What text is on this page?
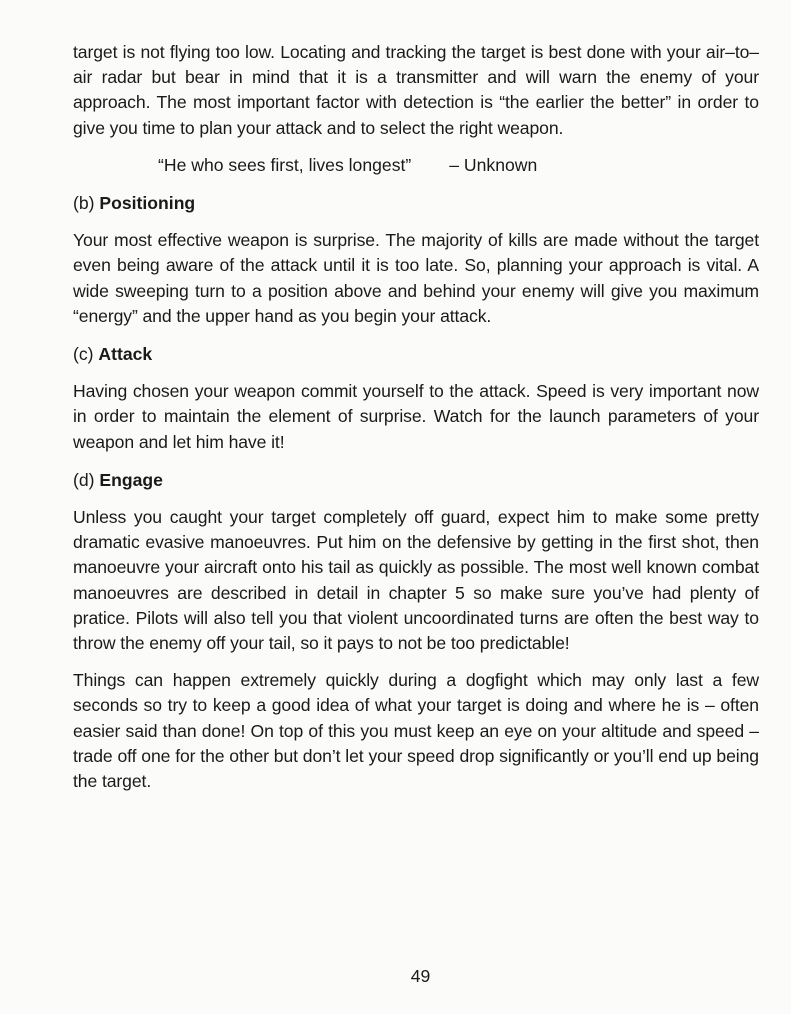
target is not flying too low. Locating and tracking the target is best done with your air–to–air radar but bear in mind that it is a transmitter and will warn the enemy of your approach. The most important factor with detection is “the earlier the better” in order to give you time to plan your attack and to select the right weapon.

“He who sees first, lives longest” – Unknown
(b) Positioning

Your most effective weapon is surprise. The majority of kills are made without the target even being aware of the attack until it is too late. So, planning your approach is vital. A wide sweeping turn to a position above and behind your enemy will give you maximum “energy” and the upper hand as you begin your attack.

(c) Attack

Having chosen your weapon commit yourself to the attack. Speed is very important now in order to maintain the element of surprise. Watch for the launch parameters of your weapon and let him have it!

(d) Engage

Unless you caught your target completely off guard, expect him to make some pretty dramatic evasive manoeuvres. Put him on the defensive by getting in the first shot, then manoeuvre your aircraft onto his tail as quickly as possible. The most well known combat manoeuvres are described in detail in chapter 5 so make sure you’ve had plenty of pratice. Pilots will also tell you that violent uncoordinated turns are often the best way to throw the enemy off your tail, so it pays to not be too predictable!

Things can happen extremely quickly during a dogfight which may only last a few seconds so try to keep a good idea of what your target is doing and where he is – often easier said than done! On top of this you must keep an eye on your altitude and speed – trade off one for the other but don’t let your speed drop significantly or you’ll end up being the target.

49
